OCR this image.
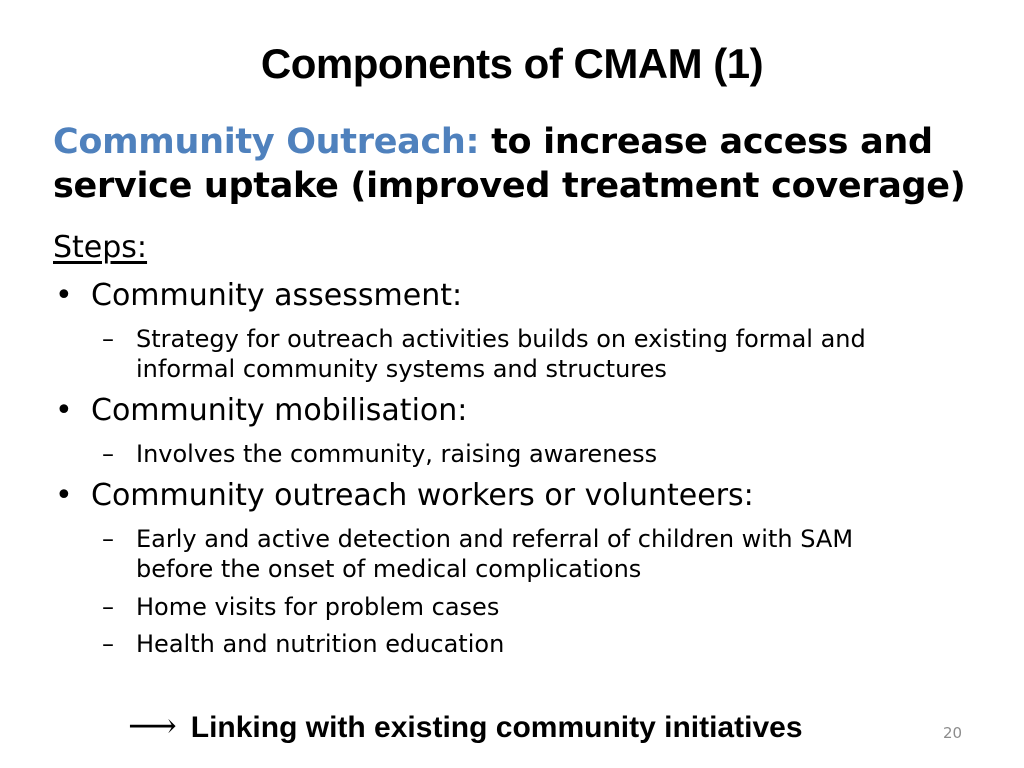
Components of CMAM (1)
Community Outreach: to increase access and service uptake (improved treatment coverage)
Steps:
• Community assessment:
– Strategy for outreach activities builds on existing formal and informal community systems and structures
• Community mobilisation:
– Involves the community, raising awareness
• Community outreach workers or volunteers:
– Early and active detection and referral of children with SAM before the onset of medical complications
– Home visits for problem cases
– Health and nutrition education
⟶ Linking with existing community initiatives	20
